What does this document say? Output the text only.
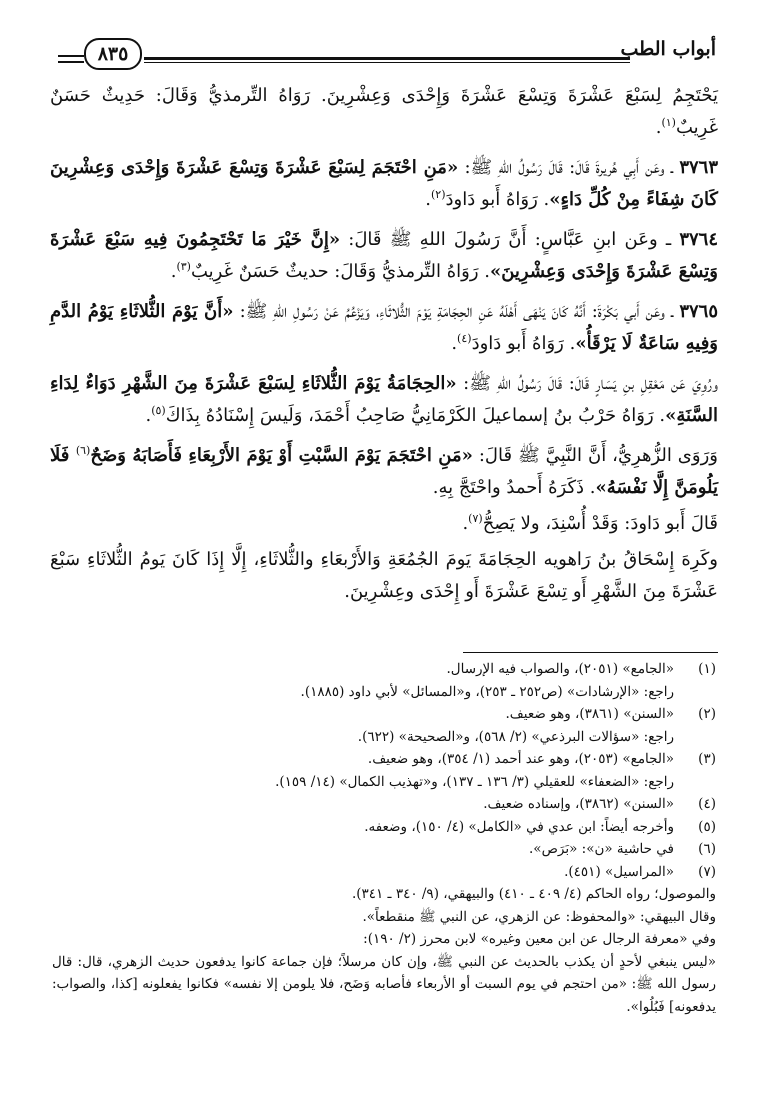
أبواب الطب
٨٣٥

يَحْتَجِمُ لِسَبْعَ عَشْرَةَ وَتِسْعَ عَشْرَةَ وَإِحْدَى وَعِشْرِينَ. رَوَاهُ التِّرمذيُّ وَقَالَ: حَدِيثٌ حَسَنٌ غَرِيبٌ$^{(١)}$.

٣٧٦٣ ـ وعَن أَبِي هُريرةَ قَالَ: قَالَ رَسُولُ اللهِ ﷺ: «مَنِ احْتَجَمَ لِسَبْعَ عَشْرَةَ وَتِسْعَ عَشْرَةَ وَإِحْدَى وَعِشْرِينَ كَانَ شِفَاءً مِنْ كُلِّ دَاءٍ». رَوَاهُ أَبو دَاودَ$^{(٢)}$.

٣٧٦٤ ـ وعَن ابنِ عَبَّاسٍ: أَنَّ رَسُولَ اللهِ ﷺ قَالَ: «إِنَّ خَيْرَ مَا تَحْتَجِمُونَ فِيهِ سَبْعَ عَشْرَةَ وَتِسْعَ عَشْرَةَ وَإِحْدَى وَعِشْرِينَ». رَوَاهُ التِّرمذيُّ وَقَالَ: حديثٌ حَسَنٌ غَرِيبٌ$^{(٣)}$.

٣٧٦٥ ـ وعَن أَبي بَكْرَةَ: أَنَّهُ كَانَ يَنْهَى أَهْلَهُ عَنِ الحِجَامَةِ يَوْمَ الثُّلاثَاءِ، وَيَزْعُمُ عَنْ رَسُولِ اللهِ ﷺ: «أَنَّ يَوْمَ الثُّلاثَاءِ يَوْمُ الدَّمِ وَفِيهِ سَاعَةٌ لَا يَرْقَأُ». رَوَاهُ أَبو دَاودَ$^{(٤)}$.

ورُوِيَ عَن مَعْقِلِ بنِ يَسَارٍ قَالَ: قَالَ رَسُولُ اللهِ ﷺ: «الحِجَامَةُ يَوْمَ الثُّلاثَاءِ لِسَبْعَ عَشْرَةَ مِنَ الشَّهْرِ دَوَاءٌ لِدَاءِ السَّنَةِ». رَوَاهُ حَرْبُ بنُ إسماعيلَ الكَرْمَانِيُّ صَاحِبُ أَحْمَدَ، وَلَيسَ إِسْنَادُهُ بِذَاكَ$^{(٥)}$.

وَرَوَى الزُّهرِيُّ، أَنَّ النَّبِيَّ ﷺ قَالَ: «مَنِ احْتَجَمَ يَوْمَ السَّبْتِ أَوْ يَوْمَ الأَرْبِعَاءِ فَأَصَابَهُ وَضَحٌ$^{(٦)}$ فَلَا يَلُومَنَّ إِلَّا نَفْسَهُ». ذَكَرَهُ أَحمدُ واحْتَجَّ بِهِ.

قَالَ أَبو دَاودَ: وَقَدْ أُسْنِدَ، ولا يَصِحُّ$^{(٧)}$.

وكَرِهَ إِسْحَاقُ بنُ رَاهويه الحِجَامَةَ يَومَ الجُمُعَةِ وَالأَرْبعَاءِ والثُّلاثَاءِ، إِلَّا إِذَا كَانَ يَومُ الثُّلاثَاءِ سَبْعَ عَشْرَةَ مِنَ الشَّهْرِ أَو تِسْعَ عَشْرَةَ أَو إِحْدَى وعِشْرِينَ.

(١)
«الجامع» (٢٠٥١)، والصواب فيه الإرسال.
راجع: «الإرشادات» (ص٢٥٢ ـ ٢٥٣)، و«المسائل» لأبي داود (١٨٨٥).
(٢)
«السنن» (٣٨٦١)، وهو ضعيف.
راجع: «سؤالات البرذعي» (٢/ ٥٦٨)، و«الصحيحة» (٦٢٢).
(٣)
«الجامع» (٢٠٥٣)، وهو عند أحمد (١/ ٣٥٤)، وهو ضعيف.
راجع: «الضعفاء» للعقيلي (٣/ ١٣٦ ـ ١٣٧)، و«تهذيب الكمال» (١٤/ ١٥٩).
(٤)
«السنن» (٣٨٦٢)، وإسناده ضعيف.
(٥)
وأخرجه أيضاً: ابن عدي في «الكامل» (٤/ ١٥٠)، وضعفه.
(٦)
في حاشية «ن»: «بَرَص».
(٧)
«المراسيل» (٤٥١).
والموصول؛ رواه الحاكم (٤/ ٤٠٩ ـ ٤١٠) والبيهقي، (٩/ ٣٤٠ ـ ٣٤١).
وقال البيهقي: «والمحفوظ: عن الزهري، عن النبي ﷺ منقطعاً».
وفي «معرفة الرجال عن ابن معين وغيره» لابن محرز (٢/ ١٩٠):
«ليس ينبغي لأحدٍ أن يكذب بالحديث عن النبي ﷺ، وإن كان مرسلاً؛ فإن جماعة كانوا يدفعون حديث الزهري، قال: قال رسول الله ﷺ: «من احتجم في يوم السبت أو الأربعاء فأصابه وَضَح، فلا يلومن إلا نفسه» فكانوا يفعلونه [كذا، والصواب: يدفعونه] فَبُلُوا».
